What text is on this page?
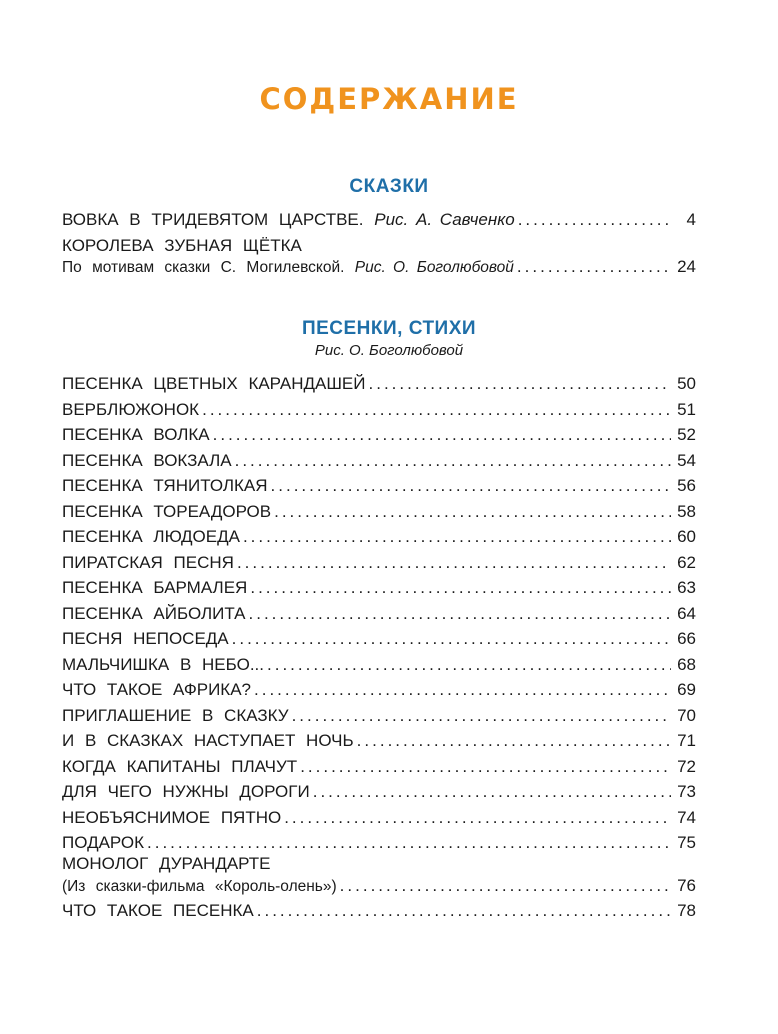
СОДЕРЖАНИЕ
СКАЗКИ
ВОВКА В ТРИДЕВЯТОМ ЦАРСТВЕ. Рис. А. Савченко .....	4
КОРОЛЕВА ЗУБНАЯ ЩЁТКА
По мотивам сказки С. Могилевской. Рис. О. Боголюбовой .....	24
ПЕСЕНКИ, СТИХИ
Рис. О. Боголюбовой
ПЕСЕНКА ЦВЕТНЫХ КАРАНДАШЕЙ .....	50
ВЕРБЛЮЖОНОК .....	51
ПЕСЕНКА ВОЛКА .....	52
ПЕСЕНКА ВОКЗАЛА .....	54
ПЕСЕНКА ТЯНИТОЛКАЯ .....	56
ПЕСЕНКА ТОРЕАДОРОВ .....	58
ПЕСЕНКА ЛЮДОЕДА .....	60
ПИРАТСКАЯ ПЕСНЯ .....	62
ПЕСЕНКА БАРМАЛЕЯ .....	63
ПЕСЕНКА АЙБОЛИТА .....	64
ПЕСНЯ НЕПОСЕДА .....	66
МАЛЬЧИШКА В НЕБО... .....	68
ЧТО ТАКОЕ АФРИКА? .....	69
ПРИГЛАШЕНИЕ В СКАЗКУ .....	70
И В СКАЗКАХ НАСТУПАЕТ НОЧЬ .....	71
КОГДА КАПИТАНЫ ПЛАЧУТ .....	72
ДЛЯ ЧЕГО НУЖНЫ ДОРОГИ .....	73
НЕОБЪЯСНИМОЕ ПЯТНО .....	74
ПОДАРОК .....	75
МОНОЛОГ ДУРАНДАРТЕ
(Из сказки-фильма «Король-олень») .....	76
ЧТО ТАКОЕ ПЕСЕНКА .....	78
